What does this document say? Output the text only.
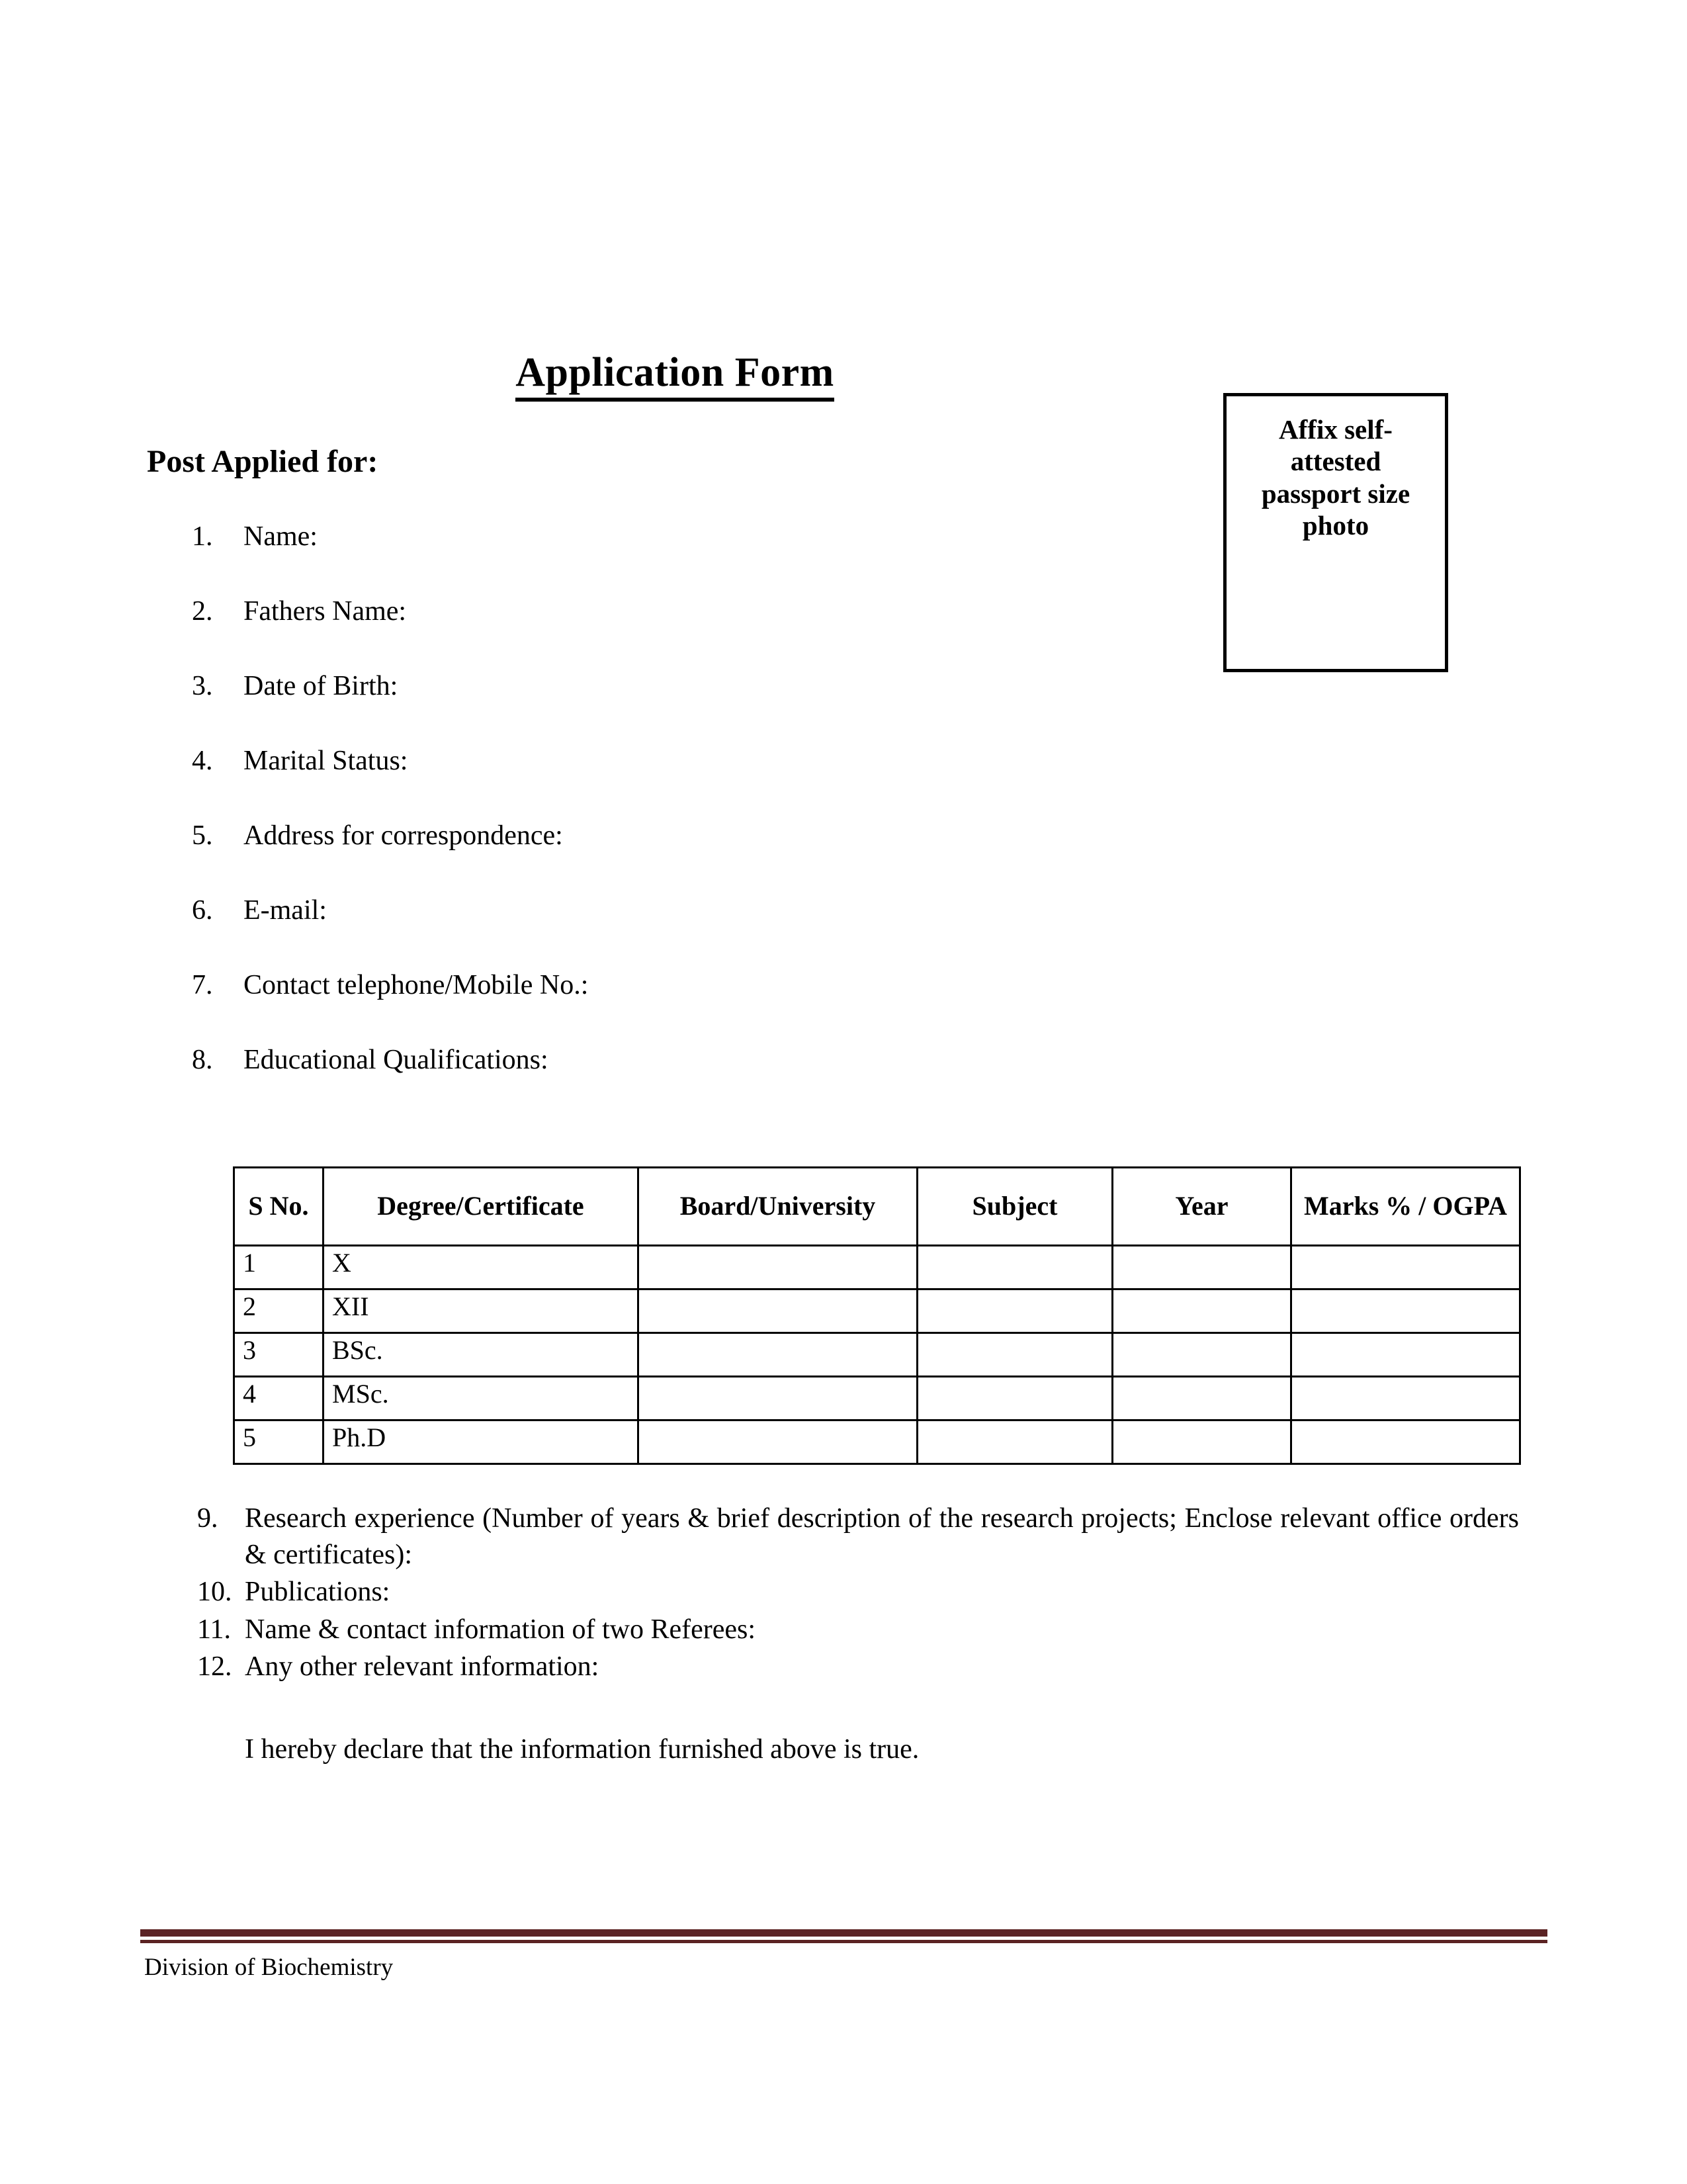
Application Form
Affix self-attested passport size photo
Post Applied for:
1.	Name:
2.	Fathers Name:
3.	Date of Birth:
4.	Marital Status:
5.	Address for correspondence:
6.	E-mail:
7.	Contact telephone/Mobile No.:
8.	Educational Qualifications:
S No.	Degree/Certificate	Board/University	Subject	Year	Marks % / OGPA
1	X				
2	XII				
3	BSc.				
4	MSc.				
5	Ph.D				
9. Research experience (Number of years & brief description of the research projects; Enclose relevant office orders & certificates):
10. Publications:
11. Name & contact information of two Referees:
12. Any other relevant information:
I hereby declare that the information furnished above is true.
Division of Biochemistry
